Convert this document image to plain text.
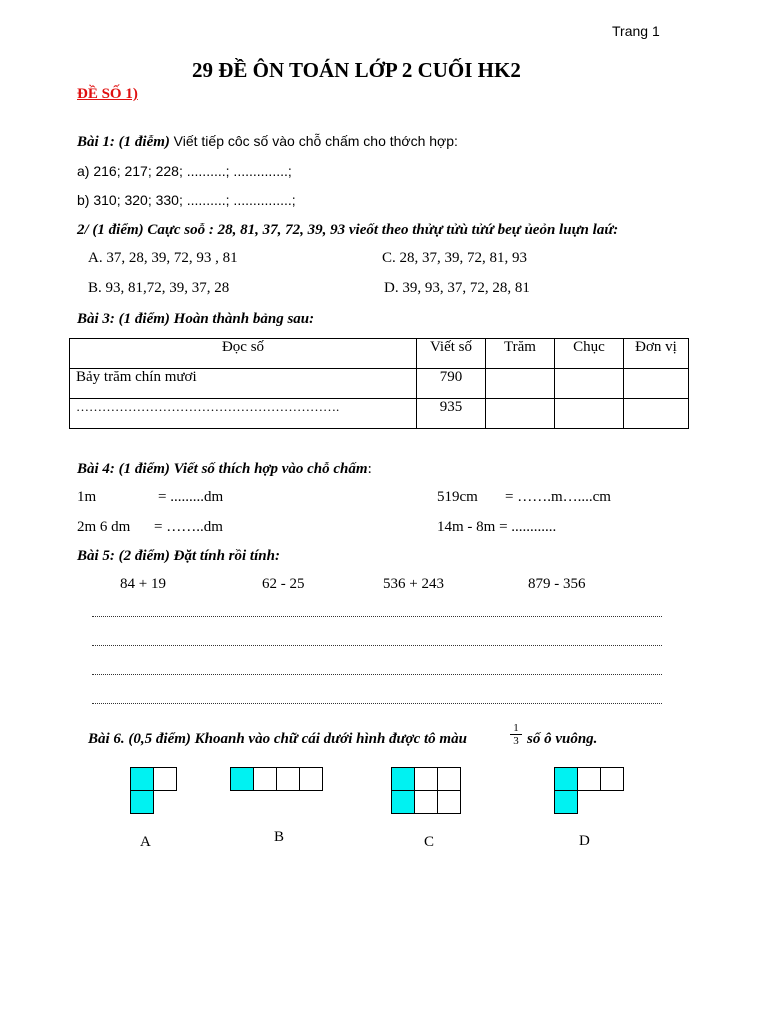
Trang 1
29 ĐỀ ÔN TOÁN LỚP 2 CUỐI HK2
ĐỀ SỐ 1)
Bài 1: (1 điễm) Viết tiếp côc số vào chỗ chấm cho thớch hợp:
a) 216; 217; 228; ..........; ..............;
b) 310; 320; 330; ..........; ...............;
2/ (1 điểm) Caực soỗ : 28, 81, 37, 72, 39, 93 vieốt theo thửự tửù tửứ beự ủeỏn luựn laứ:
A. 37, 28, 39, 72, 93 , 81
B. 93, 81,72, 39, 37, 28
C. 28, 37, 39, 72, 81, 93
D. 39, 93, 37, 72, 28, 81
Bài 3: (1 điểm) Hoàn thành bảng sau:
Đọc số	Viết số	Trăm	Chục	Đơn vị
Bảy trăm chín mươi	790			
…………………………………………………….	935			
Bài 4: (1 điểm) Viết số thích hợp vào chỗ chấm:
1m	= .........dm
2m 6 dm = ……..dm
519cm = …….m…....cm
14m - 8m = ............
Bài 5: (2 điểm) Đặt tính rồi tính:
84 + 19	62 - 25	536 + 243	879 - 356
Bài 6. (0,5 điểm) Khoanh vào chữ cái dưới hình được tô màu	$\frac{1}{3}$ số ô vuông.
A	B	C	D
